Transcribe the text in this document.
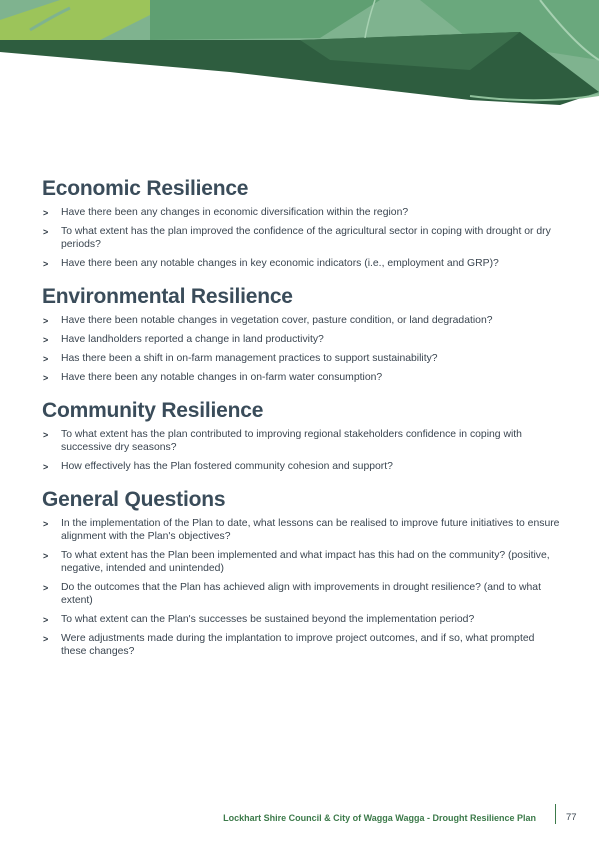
Economic Resilience
> Have there been any changes in economic diversification within the region?
> To what extent has the plan improved the confidence of the agricultural sector in coping with drought or dry periods?
> Have there been any notable changes in key economic indicators (i.e., employment and GRP)?
Environmental Resilience
> Have there been notable changes in vegetation cover, pasture condition, or land degradation?
> Have landholders reported a change in land productivity?
> Has there been a shift in on-farm management practices to support sustainability?
> Have there been any notable changes in on-farm water consumption?
Community Resilience
> To what extent has the plan contributed to improving regional stakeholders confidence in coping with successive dry seasons?
> How effectively has the Plan fostered community cohesion and support?
General Questions
> In the implementation of the Plan to date, what lessons can be realised to improve future initiatives to ensure alignment with the Plan's objectives?
> To what extent has the Plan been implemented and what impact has this had on the community? (positive, negative, intended and unintended)
> Do the outcomes that the Plan has achieved align with improvements in drought resilience? (and to what extent)
> To what extent can the Plan's successes be sustained beyond the implementation period?
> Were adjustments made during the implantation to improve project outcomes, and if so, what prompted these changes?
Lockhart Shire Council & City of Wagga Wagga - Drought Resilience Plan	77
